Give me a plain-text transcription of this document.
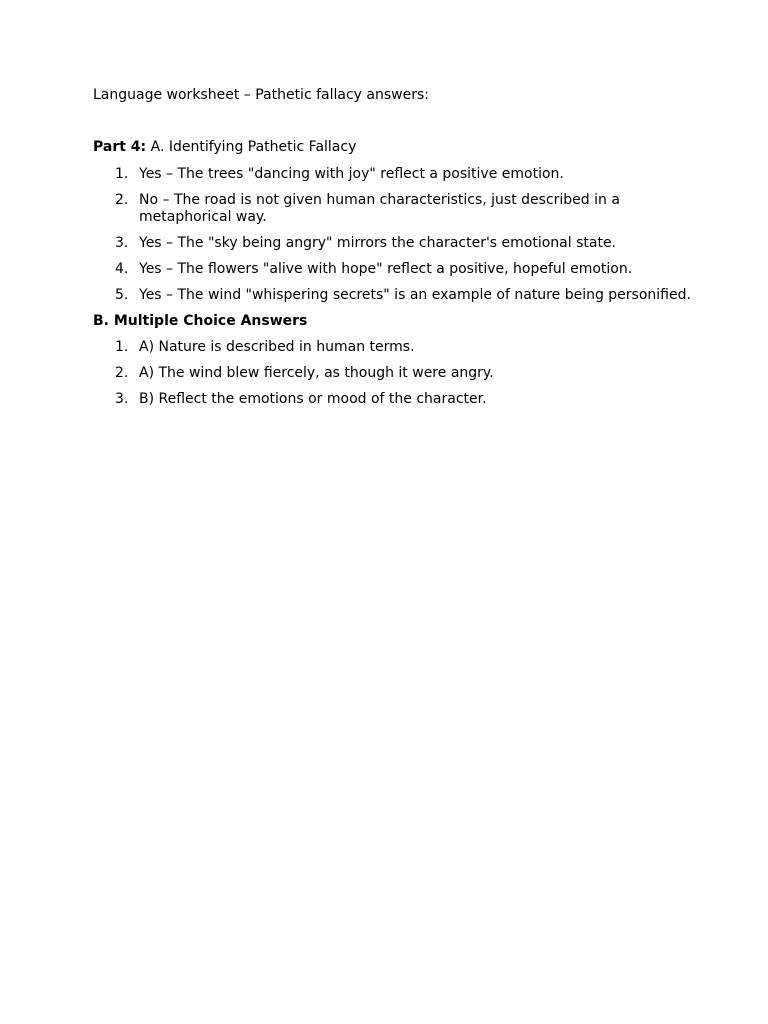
Language worksheet – Pathetic fallacy answers:

Part 4: A. Identifying Pathetic Fallacy
1. Yes – The trees "dancing with joy" reflect a positive emotion.
2. No – The road is not given human characteristics, just described in a metaphorical way.
3. Yes – The "sky being angry" mirrors the character's emotional state.
4. Yes – The flowers "alive with hope" reflect a positive, hopeful emotion.
5. Yes – The wind "whispering secrets" is an example of nature being personified.
B. Multiple Choice Answers
1. A) Nature is described in human terms.
2. A) The wind blew fiercely, as though it were angry.
3. B) Reflect the emotions or mood of the character.
